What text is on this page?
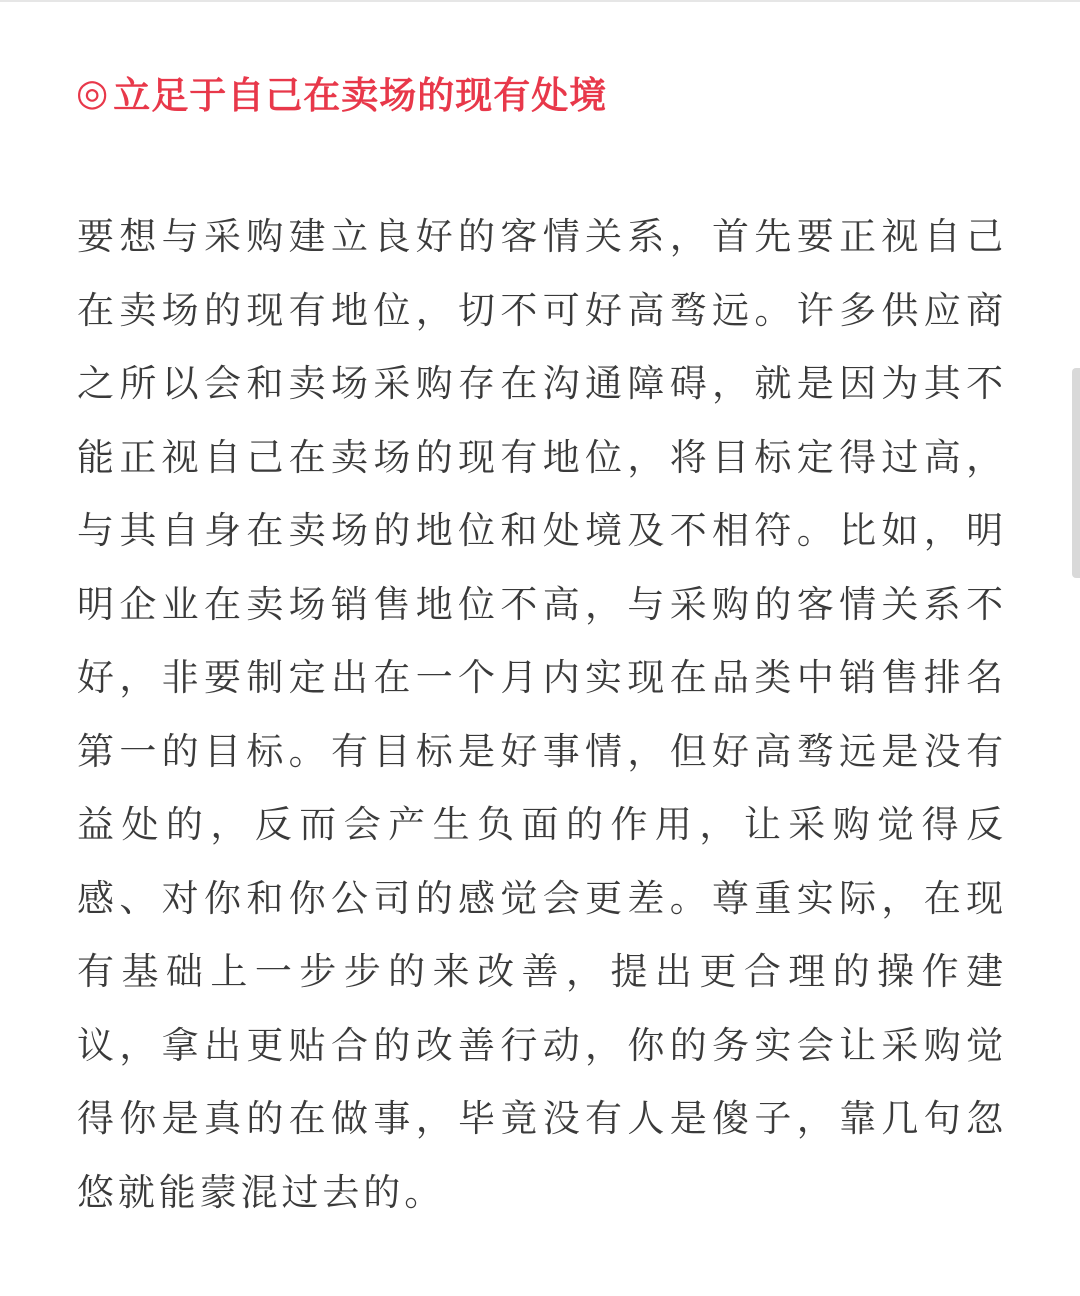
◎ 立足于自己在卖场的现有处境

要想与采购建立良好的客情关系，首先要正视自己在卖场的现有地位，切不可好高骛远。许多供应商之所以会和卖场采购存在沟通障碍，就是因为其不能正视自己在卖场的现有地位，将目标定得过高，与其自身在卖场的地位和处境及不相符。比如，明明企业在卖场销售地位不高，与采购的客情关系不好，非要制定出在一个月内实现在品类中销售排名第一的目标。有目标是好事情，但好高骛远是没有益处的，反而会产生负面的作用，让采购觉得反感、对你和你公司的感觉会更差。尊重实际，在现有基础上一步步的来改善，提出更合理的操作建议，拿出更贴合的改善行动，你的务实会让采购觉得你是真的在做事，毕竟没有人是傻子，靠几句忽悠就能蒙混过去的。
